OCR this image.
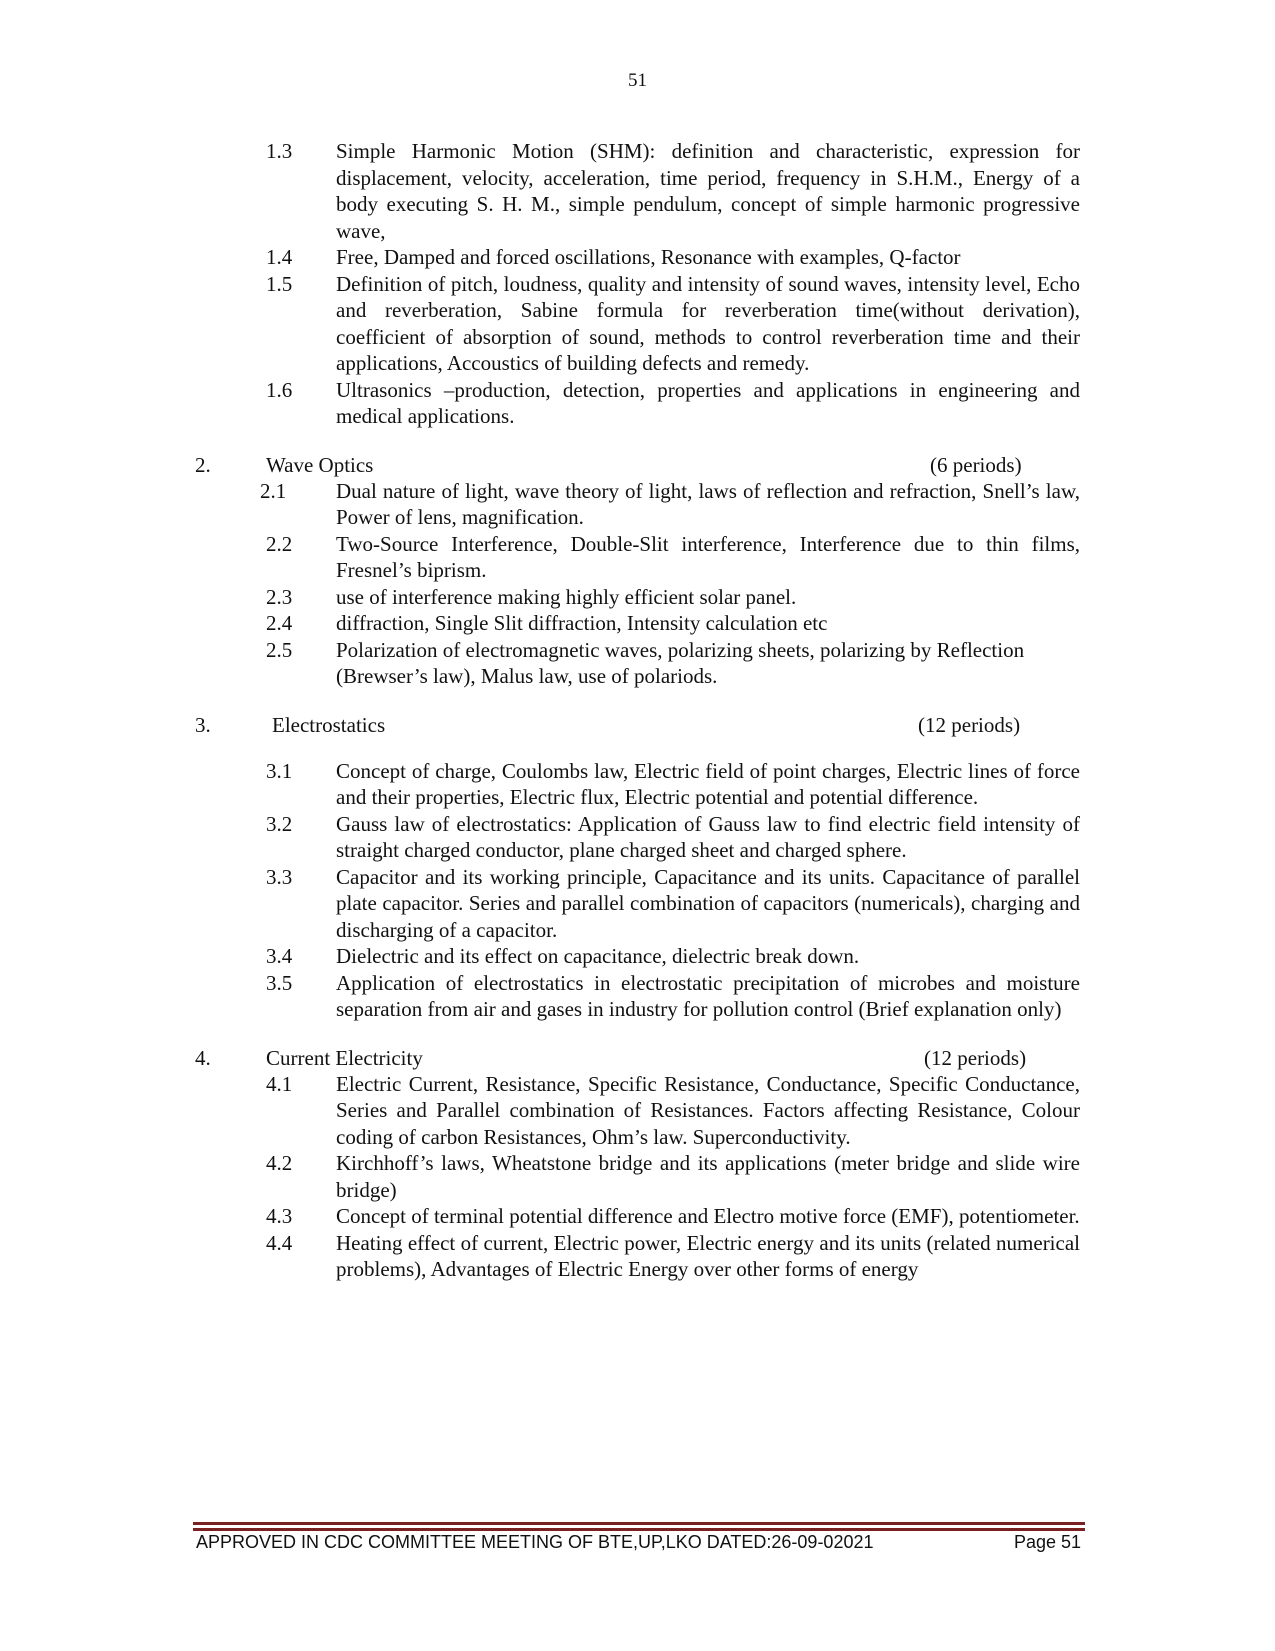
51
1.3 Simple Harmonic Motion (SHM): definition and characteristic, expression for displacement, velocity, acceleration, time period, frequency in S.H.M., Energy of a body executing S. H. M., simple pendulum, concept of simple harmonic progressive wave,
1.4 Free, Damped and forced oscillations, Resonance with examples, Q-factor
1.5 Definition of pitch, loudness, quality and intensity of sound waves, intensity level, Echo and reverberation, Sabine formula for reverberation time(without derivation), coefficient of absorption of sound, methods to control reverberation time and their applications, Accoustics of building defects and remedy.
1.6 Ultrasonics –production, detection, properties and applications in engineering and medical applications.
2.	Wave Optics	(6 periods)
2.1 Dual nature of light, wave theory of light, laws of reflection and refraction, Snell’s law, Power of lens, magnification.
2.2 Two-Source Interference, Double-Slit interference, Interference due to thin films, Fresnel’s biprism.
2.3 use of interference making highly efficient solar panel.
2.4 diffraction, Single Slit diffraction, Intensity calculation etc
2.5 Polarization of electromagnetic waves, polarizing sheets, polarizing by Reflection (Brewser’s law), Malus law, use of polariods.
3.	Electrostatics	(12 periods)
3.1 Concept of charge, Coulombs law, Electric field of point charges, Electric lines of force and their properties, Electric flux, Electric potential and potential difference.
3.2 Gauss law of electrostatics: Application of Gauss law to find electric field intensity of straight charged conductor, plane charged sheet and charged sphere.
3.3 Capacitor and its working principle, Capacitance and its units. Capacitance of parallel plate capacitor. Series and parallel combination of capacitors (numericals), charging and discharging of a capacitor.
3.4 Dielectric and its effect on capacitance, dielectric break down.
3.5 Application of electrostatics in electrostatic precipitation of microbes and moisture separation from air and gases in industry for pollution control (Brief explanation only)
4.	Current Electricity	(12 periods)
4.1 Electric Current, Resistance, Specific Resistance, Conductance, Specific Conductance, Series and Parallel combination of Resistances. Factors affecting Resistance, Colour coding of carbon Resistances, Ohm’s law. Superconductivity.
4.2 Kirchhoff’s laws, Wheatstone bridge and its applications (meter bridge and slide wire bridge)
4.3 Concept of terminal potential difference and Electro motive force (EMF), potentiometer.
4.4 Heating effect of current, Electric power, Electric energy and its units (related numerical problems), Advantages of Electric Energy over other forms of energy
APPROVED IN CDC COMMITTEE MEETING OF BTE,UP,LKO DATED:26-09-02021	Page 51
